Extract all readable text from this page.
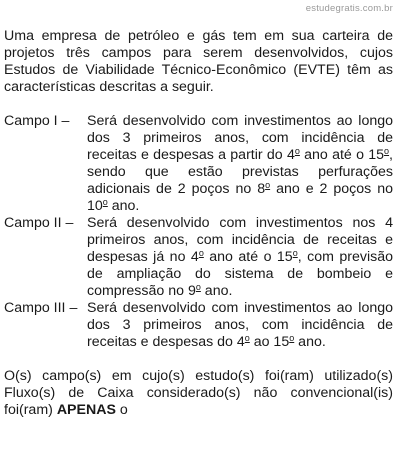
estudegratis.com.br

Uma empresa de petróleo e gás tem em sua carteira de projetos três campos para serem desenvolvidos, cujos Estudos de Viabilidade Técnico-Econômico (EVTE) têm as características descritas a seguir.

Campo I –	Será desenvolvido com investimentos ao longo dos 3 primeiros anos, com incidência de receitas e despesas a partir do 4$^o$ ano até o 15$^o$, sendo que estão previstas perfurações adicionais de 2 poços no 8$^o$ ano e 2 poços no 10$^o$ ano.
Campo II – Será desenvolvido com investimentos nos 4 primeiros anos, com incidência de receitas e despesas já no 4$^o$ ano até o 15$^o$, com previsão de ampliação do sistema de bombeio e compressão no 9$^o$ ano.
Campo III – Será desenvolvido com investimentos ao longo dos 3 primeiros anos, com incidência de receitas e despesas do 4$^o$ ao 15$^o$ ano.

O(s) campo(s) em cujo(s) estudo(s) foi(ram) utilizado(s) Fluxo(s) de Caixa considerado(s) não convencional(is) foi(ram) APENAS o
